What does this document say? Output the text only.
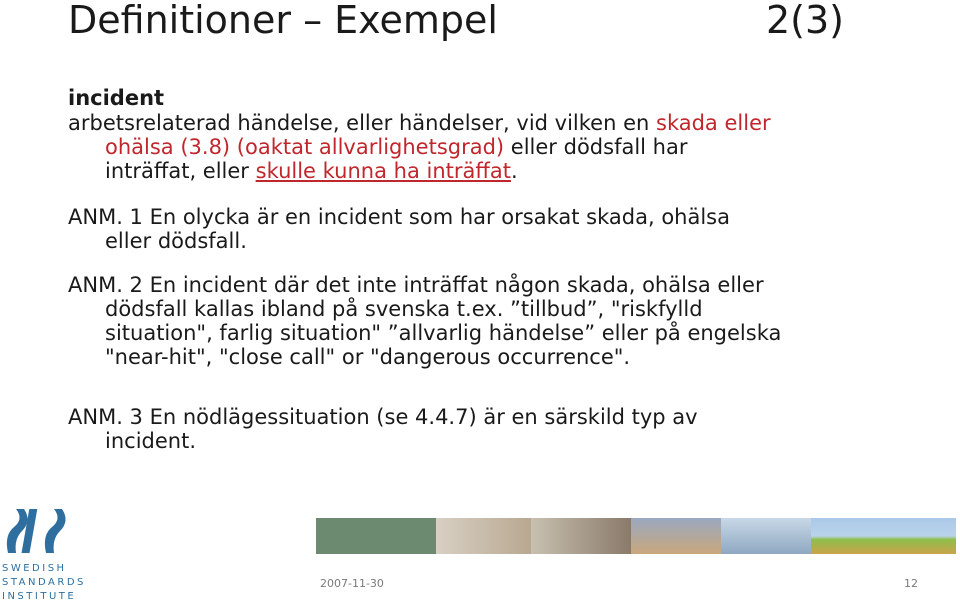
Definitioner – Exempel	2(3)
incident

arbetsrelaterad händelse, eller händelser, vid vilken en skada eller
ohälsa (3.8) (oaktat allvarlighetsgrad) eller dödsfall har
inträffat, eller skulle kunna ha inträffat.

ANM. 1 En olycka är en incident som har orsakat skada, ohälsa
eller dödsfall.

ANM. 2 En incident där det inte inträffat någon skada, ohälsa eller
dödsfall kallas ibland på svenska t.ex. ”tillbud”, "riskfylld
situation", farlig situation" ”allvarlig händelse” eller på engelska
"near-hit", "close call" or "dangerous occurrence".

ANM. 3 En nödlägessituation (se 4.4.7) är en särskild typ av
incident.

SWEDISH
STANDARDS
INSTITUTE
2007-11-30	12
